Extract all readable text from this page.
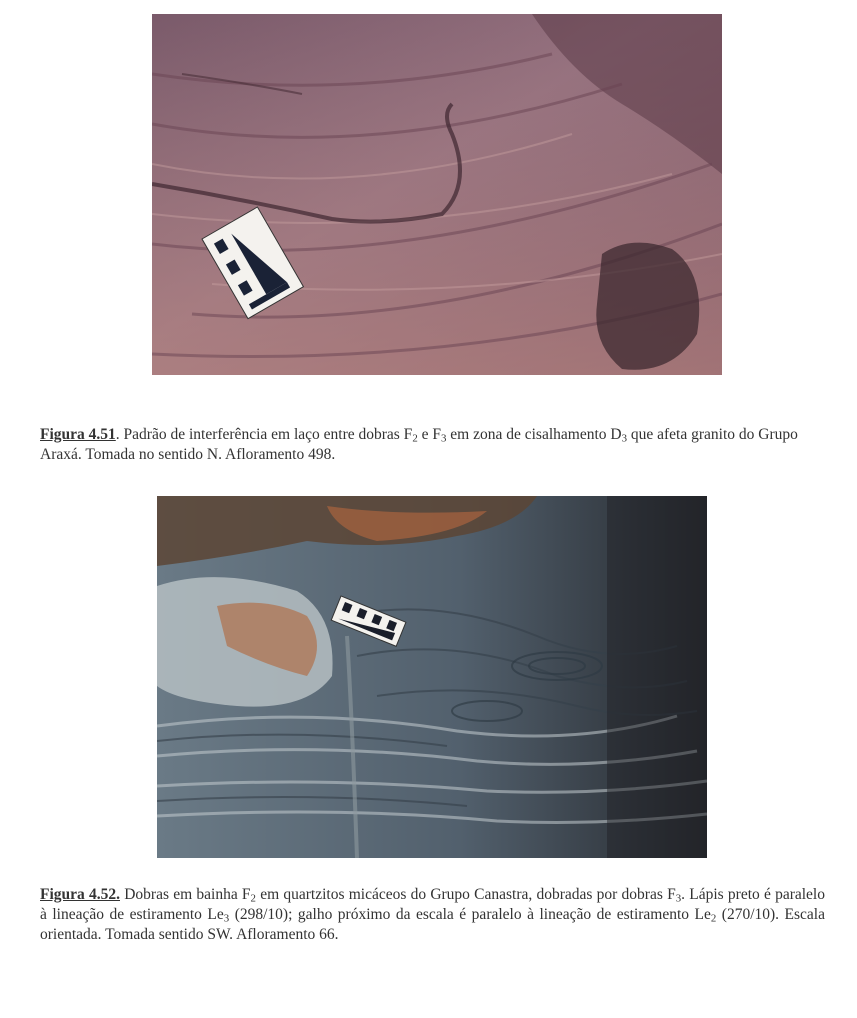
Figura 4.51. Padrão de interferência em laço entre dobras $F_2$ e $F_3$ em zona de cisalhamento $D_3$ que afeta granito do Grupo Araxá. Tomada no sentido N. Afloramento 498.
Figura 4.52. Dobras em bainha $F_2$ em quartzitos micáceos do Grupo Canastra, dobradas por dobras $F_3$. Lápis preto é paralelo à lineação de estiramento $Le_3$ (298/10); galho próximo da escala é paralelo à lineação de estiramento $Le_2$ (270/10). Escala orientada. Tomada sentido SW. Afloramento 66.
